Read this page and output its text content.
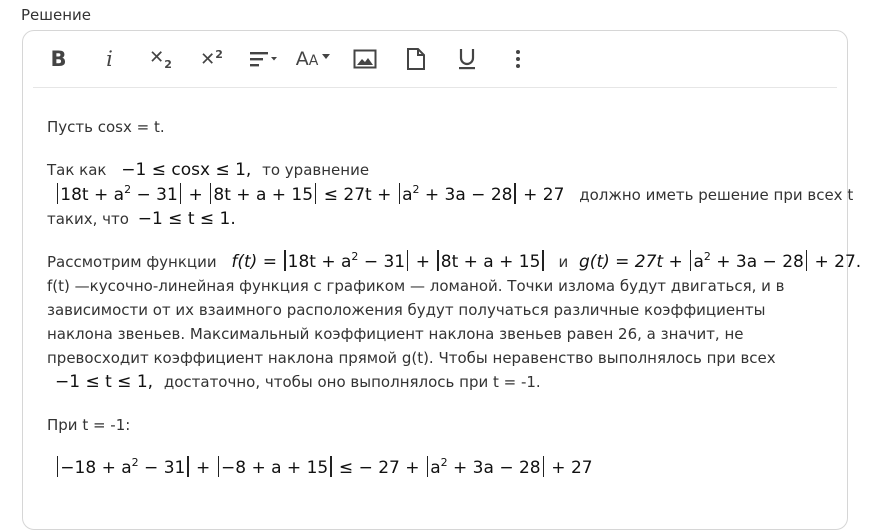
Решение
B i $✕_2$ ✕$^2$	AA

Пусть cosx = t.

Так как −1 ≤ cosx ≤ 1, то уравнение
$18t + a^2 - 31 + 8t + a + 15 \le 27t + a^2 + 3a - 28 + 27$ должно иметь решение при всех t
таких, что −1 ≤ t ≤ 1.
Рассмотрим функции $f(t) = 18t + a^2 - 31 + 8t + a + 15$ и $g(t) = 27t + a^2 + 3a - 28 + 27$.

f(t) —кусочно-линейная функция с графиком — ломаной. Точки излома будут двигаться, и в

зависимости от их взаимного расположения будут получаться различные коэффициенты

наклона звеньев. Максимальный коэффициент наклона звеньев равен 26, а значит, не

превосходит коэффициент наклона прямой g(t). Чтобы неравенство выполнялось при всех

−1 ≤ t ≤ 1, достаточно, чтобы оно выполнялось при t = -1.

При t = -1:

$-18 + a^2 - 31 + -8 + a + 15$ ≤ − $27 + a^2 + 3a - 28 + 27$
